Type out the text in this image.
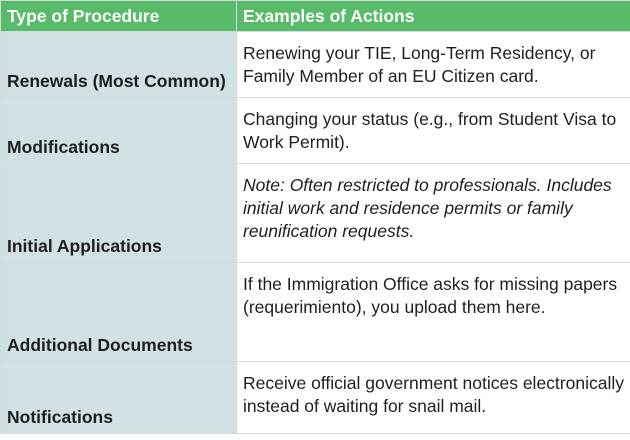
Type of Procedure	Examples of Actions
Renewals (Most Common)	Renewing your TIE, Long-Term Residency, or Family Member of an EU Citizen card.
Modifications	Changing your status (e.g., from Student Visa to Work Permit).
Initial Applications	Note: Often restricted to professionals. Includes initial work and residence permits or family reunification requests.
Additional Documents	If the Immigration Office asks for missing papers (requerimiento), you upload them here.
Notifications	Receive official government notices electronically instead of waiting for snail mail.
